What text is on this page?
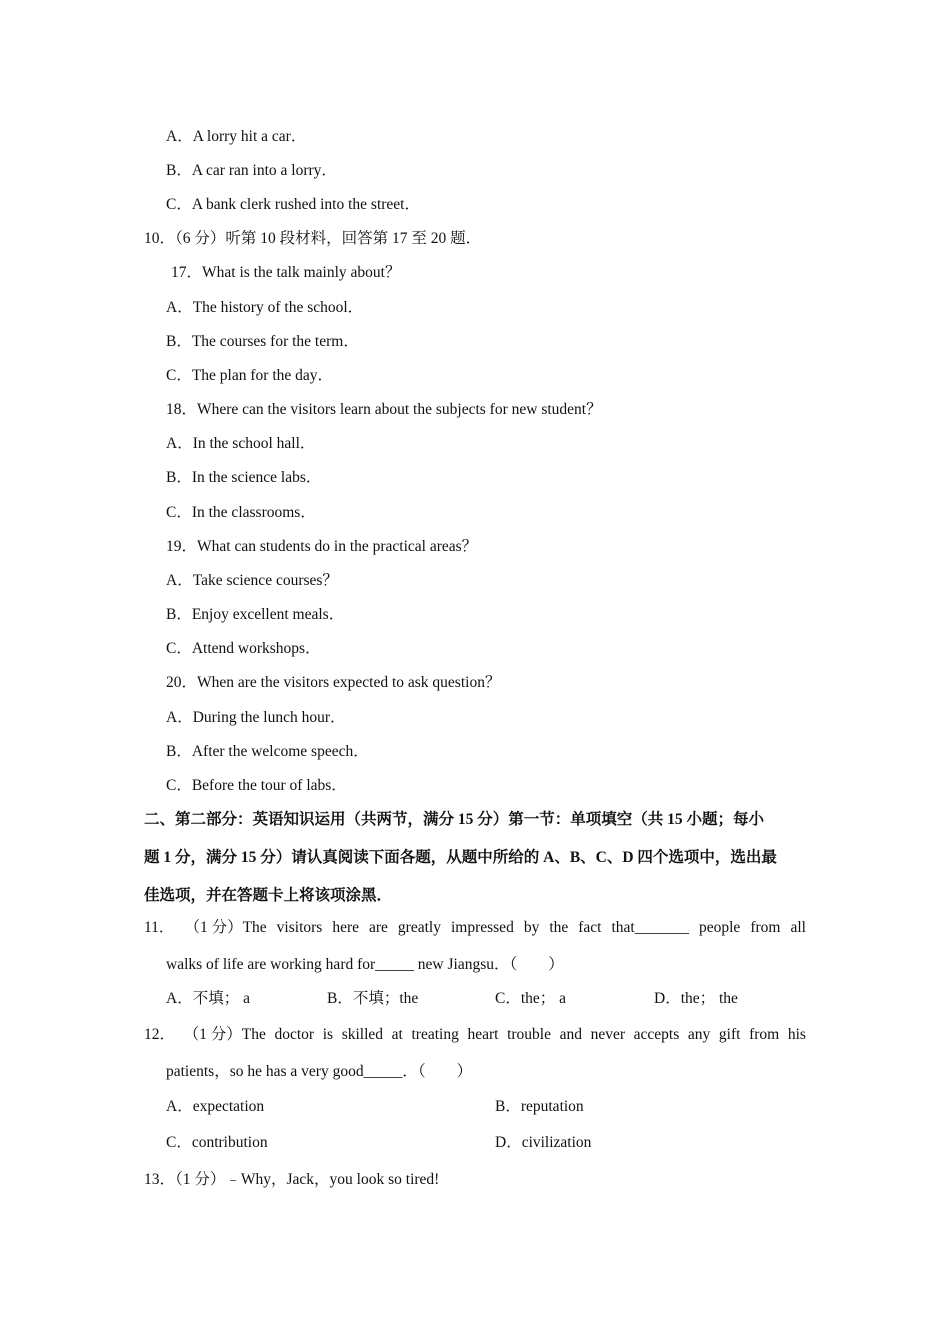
A．A lorry hit a car．
B．A car ran into a lorry．
C．A bank clerk rushed into the street．
10．（6 分）听第 10 段材料，回答第 17 至 20 题．
17．What is the talk mainly about？
A．The history of the school．
B．The courses for the term．
C．The plan for the day．
18．Where can the visitors learn about the subjects for new student？
A．In the school hall．
B．In the science labs．
C．In the classrooms．
19．What can students do in the practical areas？
A．Take science courses？
B．Enjoy excellent meals．
C．Attend workshops．
20．When are the visitors expected to ask question？
A．During the lunch hour．
B．After the welcome speech．
C．Before the tour of labs．
二、第二部分：英语知识运用（共两节，满分 15 分）第一节：单项填空（共 15 小题；每小
题 1 分，满分 15 分）请认真阅读下面各题，从题中所给的 A、B、C、D 四个选项中，选出最
佳选项，并在答题卡上将该项涂黑．
11． （1 分）The visitors here are greatly impressed by the fact that_______ people from all
walks of life are working hard for_____ new Jiangsu．（　　）
A．不填； a	B．不填；the	C．the； a	D．the； the
12． （1 分）The doctor is skilled at treating heart trouble and never accepts any gift from his
patients，so he has a very good_____．（　　）
A．expectation	B．reputation
C．contribution	D．civilization
13．（1 分）﹣Why，Jack，you look so tired!
